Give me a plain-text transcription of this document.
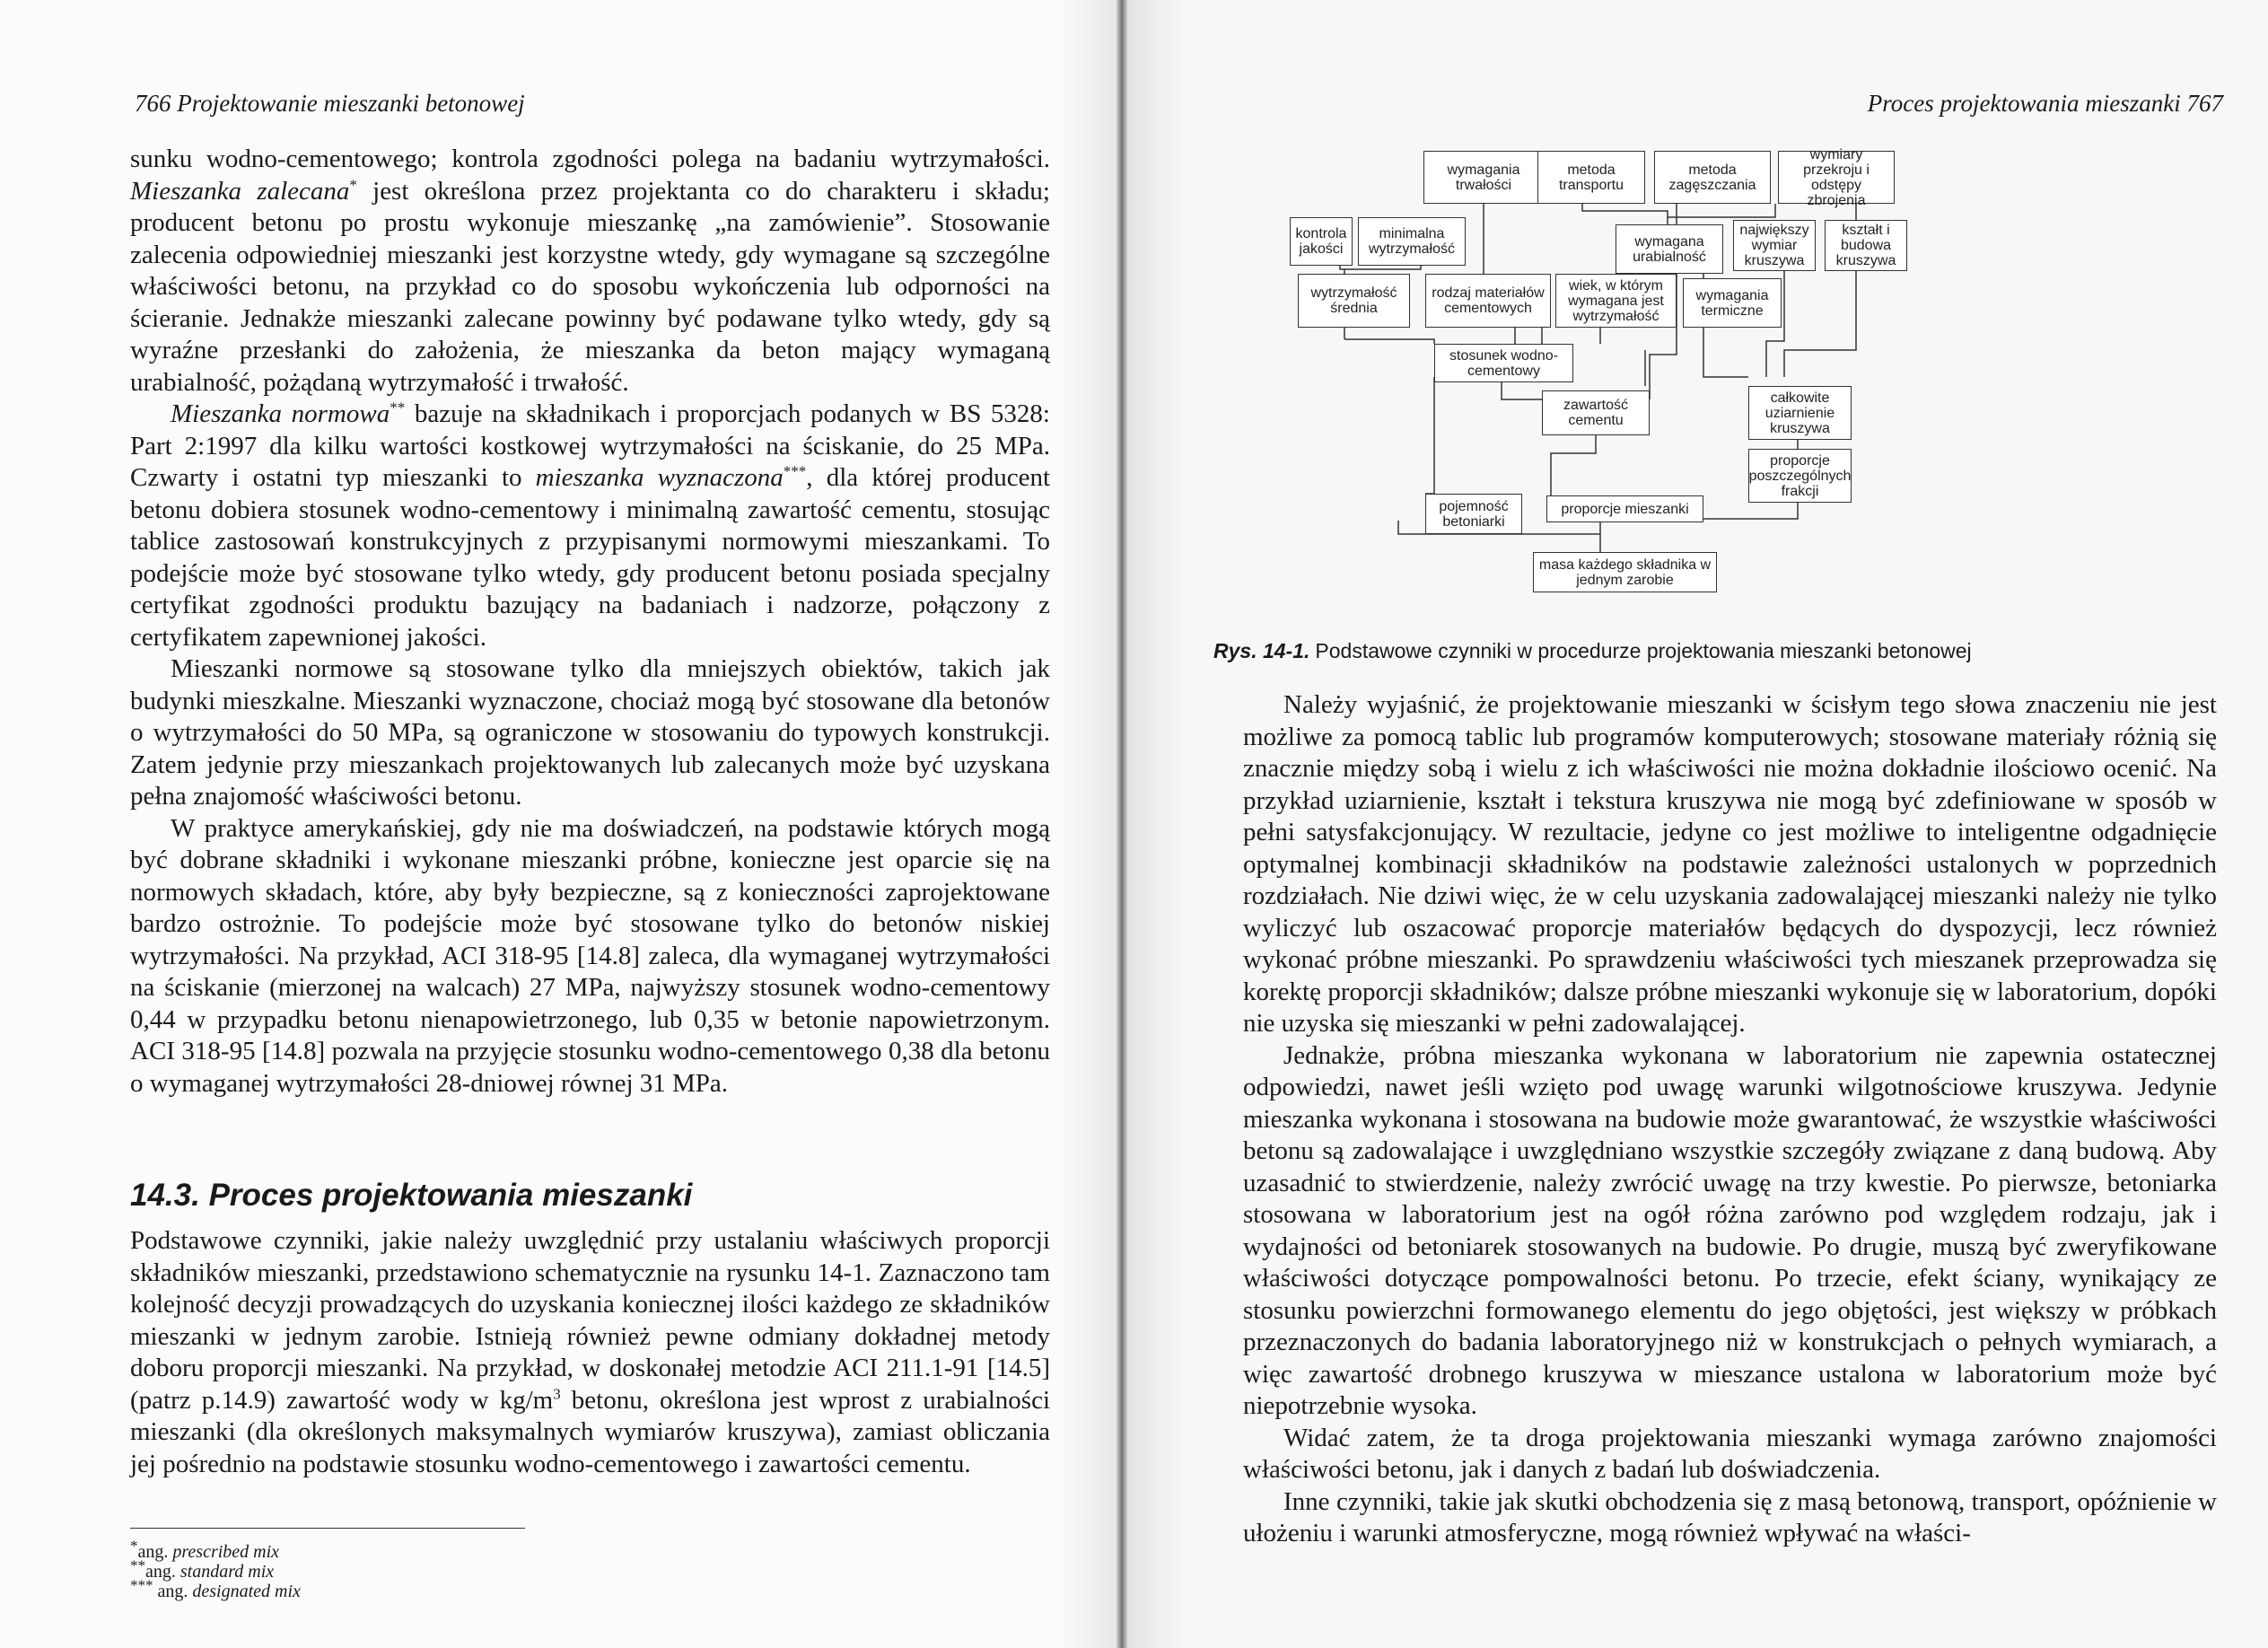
766 Projektowanie mieszanki betonowej

sunku wodno-cementowego; kontrola zgodności polega na badaniu wytrzymałości. Mieszanka zalecana* jest określona przez projektanta co do charakteru i składu; producent betonu po prostu wykonuje mieszankę „na zamówienie”. Stosowanie zalecenia odpowiedniej mieszanki jest korzystne wtedy, gdy wymagane są szczególne właściwości betonu, na przykład co do sposobu wykończenia lub odporności na ścieranie. Jednakże mieszanki zalecane powinny być podawane tylko wtedy, gdy są wyraźne przesłanki do założenia, że mieszanka da beton mający wymaganą urabialność, pożądaną wytrzymałość i trwałość.

Mieszanka normowa** bazuje na składnikach i proporcjach podanych w BS 5328: Part 2:1997 dla kilku wartości kostkowej wytrzymałości na ściskanie, do 25 MPa. Czwarty i ostatni typ mieszanki to mieszanka wyznaczona***, dla której producent betonu dobiera stosunek wodno-cementowy i minimalną zawartość cementu, stosując tablice zastosowań konstrukcyjnych z przypisanymi normowymi mieszankami. To podejście może być stosowane tylko wtedy, gdy producent betonu posiada specjalny certyfikat zgodności produktu bazujący na badaniach i nadzorze, połączony z certyfikatem zapewnionej jakości.

Mieszanki normowe są stosowane tylko dla mniejszych obiektów, takich jak budynki mieszkalne. Mieszanki wyznaczone, chociaż mogą być stosowane dla betonów o wytrzymałości do 50 MPa, są ograniczone w stosowaniu do typowych konstrukcji. Zatem jedynie przy mieszankach projektowanych lub zalecanych może być uzyskana pełna znajomość właściwości betonu.

W praktyce amerykańskiej, gdy nie ma doświadczeń, na podstawie których mogą być dobrane składniki i wykonane mieszanki próbne, konieczne jest oparcie się na normowych składach, które, aby były bezpieczne, są z konieczności zaprojektowane bardzo ostrożnie. To podejście może być stosowane tylko do betonów niskiej wytrzymałości. Na przykład, ACI 318-95 [14.8] zaleca, dla wymaganej wytrzymałości na ściskanie (mierzonej na walcach) 27 MPa, najwyższy stosunek wodno-cementowy 0,44 w przypadku betonu nienapowietrzonego, lub 0,35 w betonie napowietrzonym. ACI 318-95 [14.8] pozwala na przyjęcie stosunku wodno-cementowego 0,38 dla betonu o wymaganej wytrzymałości 28-dniowej równej 31 MPa.

14.3. Proces projektowania mieszanki

Podstawowe czynniki, jakie należy uwzględnić przy ustalaniu właściwych proporcji składników mieszanki, przedstawiono schematycznie na rysunku 14-1. Zaznaczono tam kolejność decyzji prowadzących do uzyskania koniecznej ilości każdego ze składników mieszanki w jednym zarobie. Istnieją również pewne odmiany dokładnej metody doboru proporcji mieszanki. Na przykład, w doskonałej metodzie ACI 211.1-91 [14.5] (patrz p.14.9) zawartość wody w $kg/m^3$ betonu, określona jest wprost z urabialności mieszanki (dla określonych maksymalnych wymiarów kruszywa), zamiast obliczania jej pośrednio na podstawie stosunku wodno-cementowego i zawartości cementu.

*ang. prescribed mix
**ang. standard mix
*** ang. designated mix
Proces projektowania mieszanki 767

Należy wyjaśnić, że projektowanie mieszanki w ścisłym tego słowa znaczeniu nie jest możliwe za pomocą tablic lub programów komputerowych; stosowane materiały różnią się znacznie między sobą i wielu z ich właściwości nie można dokładnie ilościowo ocenić. Na przykład uziarnienie, kształt i tekstura kruszywa nie mogą być zdefiniowane w sposób w pełni satysfakcjonujący. W rezultacie, jedyne co jest możliwe to inteligentne odgadnięcie optymalnej kombinacji składników na podstawie zależności ustalonych w poprzednich rozdziałach. Nie dziwi więc, że w celu uzyskania zadowalającej mieszanki należy nie tylko wyliczyć lub oszacować proporcje materiałów będących do dyspozycji, lecz również wykonać próbne mieszanki. Po sprawdzeniu właściwości tych mieszanek przeprowadza się korektę proporcji składników; dalsze próbne mieszanki wykonuje się w laboratorium, dopóki nie uzyska się mieszanki w pełni zadowalającej.

Jednakże, próbna mieszanka wykonana w laboratorium nie zapewnia ostatecznej odpowiedzi, nawet jeśli wzięto pod uwagę warunki wilgotnościowe kruszywa. Jedynie mieszanka wykonana i stosowana na budowie może gwarantować, że wszystkie właściwości betonu są zadowalające i uwzględniano wszystkie szczegóły związane z daną budową. Aby uzasadnić to stwierdzenie, należy zwrócić uwagę na trzy kwestie. Po pierwsze, betoniarka stosowana w laboratorium jest na ogół różna zarówno pod względem rodzaju, jak i wydajności od betoniarek stosowanych na budowie. Po drugie, muszą być zweryfikowane właściwości dotyczące pompowalności betonu. Po trzecie, efekt ściany, wynikający ze stosunku powierzchni formowanego elementu do jego objętości, jest większy w próbkach przeznaczonych do badania laboratoryjnego niż w konstrukcjach o pełnych wymiarach, a więc zawartość drobnego kruszywa w mieszance ustalona w laboratorium może być niepotrzebnie wysoka.

Widać zatem, że ta droga projektowania mieszanki wymaga zarówno znajomości właściwości betonu, jak i danych z badań lub doświadczenia.

Inne czynniki, takie jak skutki obchodzenia się z masą betonową, transport, opóźnienie w ułożeniu i warunki atmosferyczne, mogą również wpływać na właści-

wymagania trwałości
metoda transportu
metoda zagęszczania
wymiary przekroju i odstępy zbrojenia
kontrola jakości
minimalna wytrzymałość	wymagana urabialność
największy wymiar kruszywa
kształt i budowa kruszywa
wytrzymałość średnia
rodzaj materiałów cementowych
wiek, w którym wymagana jest wytrzymałość
wymagania termiczne
stosunek wodno-cementowy
zawartość cementu
całkowite uziarnienie kruszywa
proporcje poszczególnych frakcji
pojemność betoniarki
proporcje mieszanki
masa każdego składnika w jednym zarobie
Rys. 14-1. Podstawowe czynniki w procedurze projektowania mieszanki betonowej
